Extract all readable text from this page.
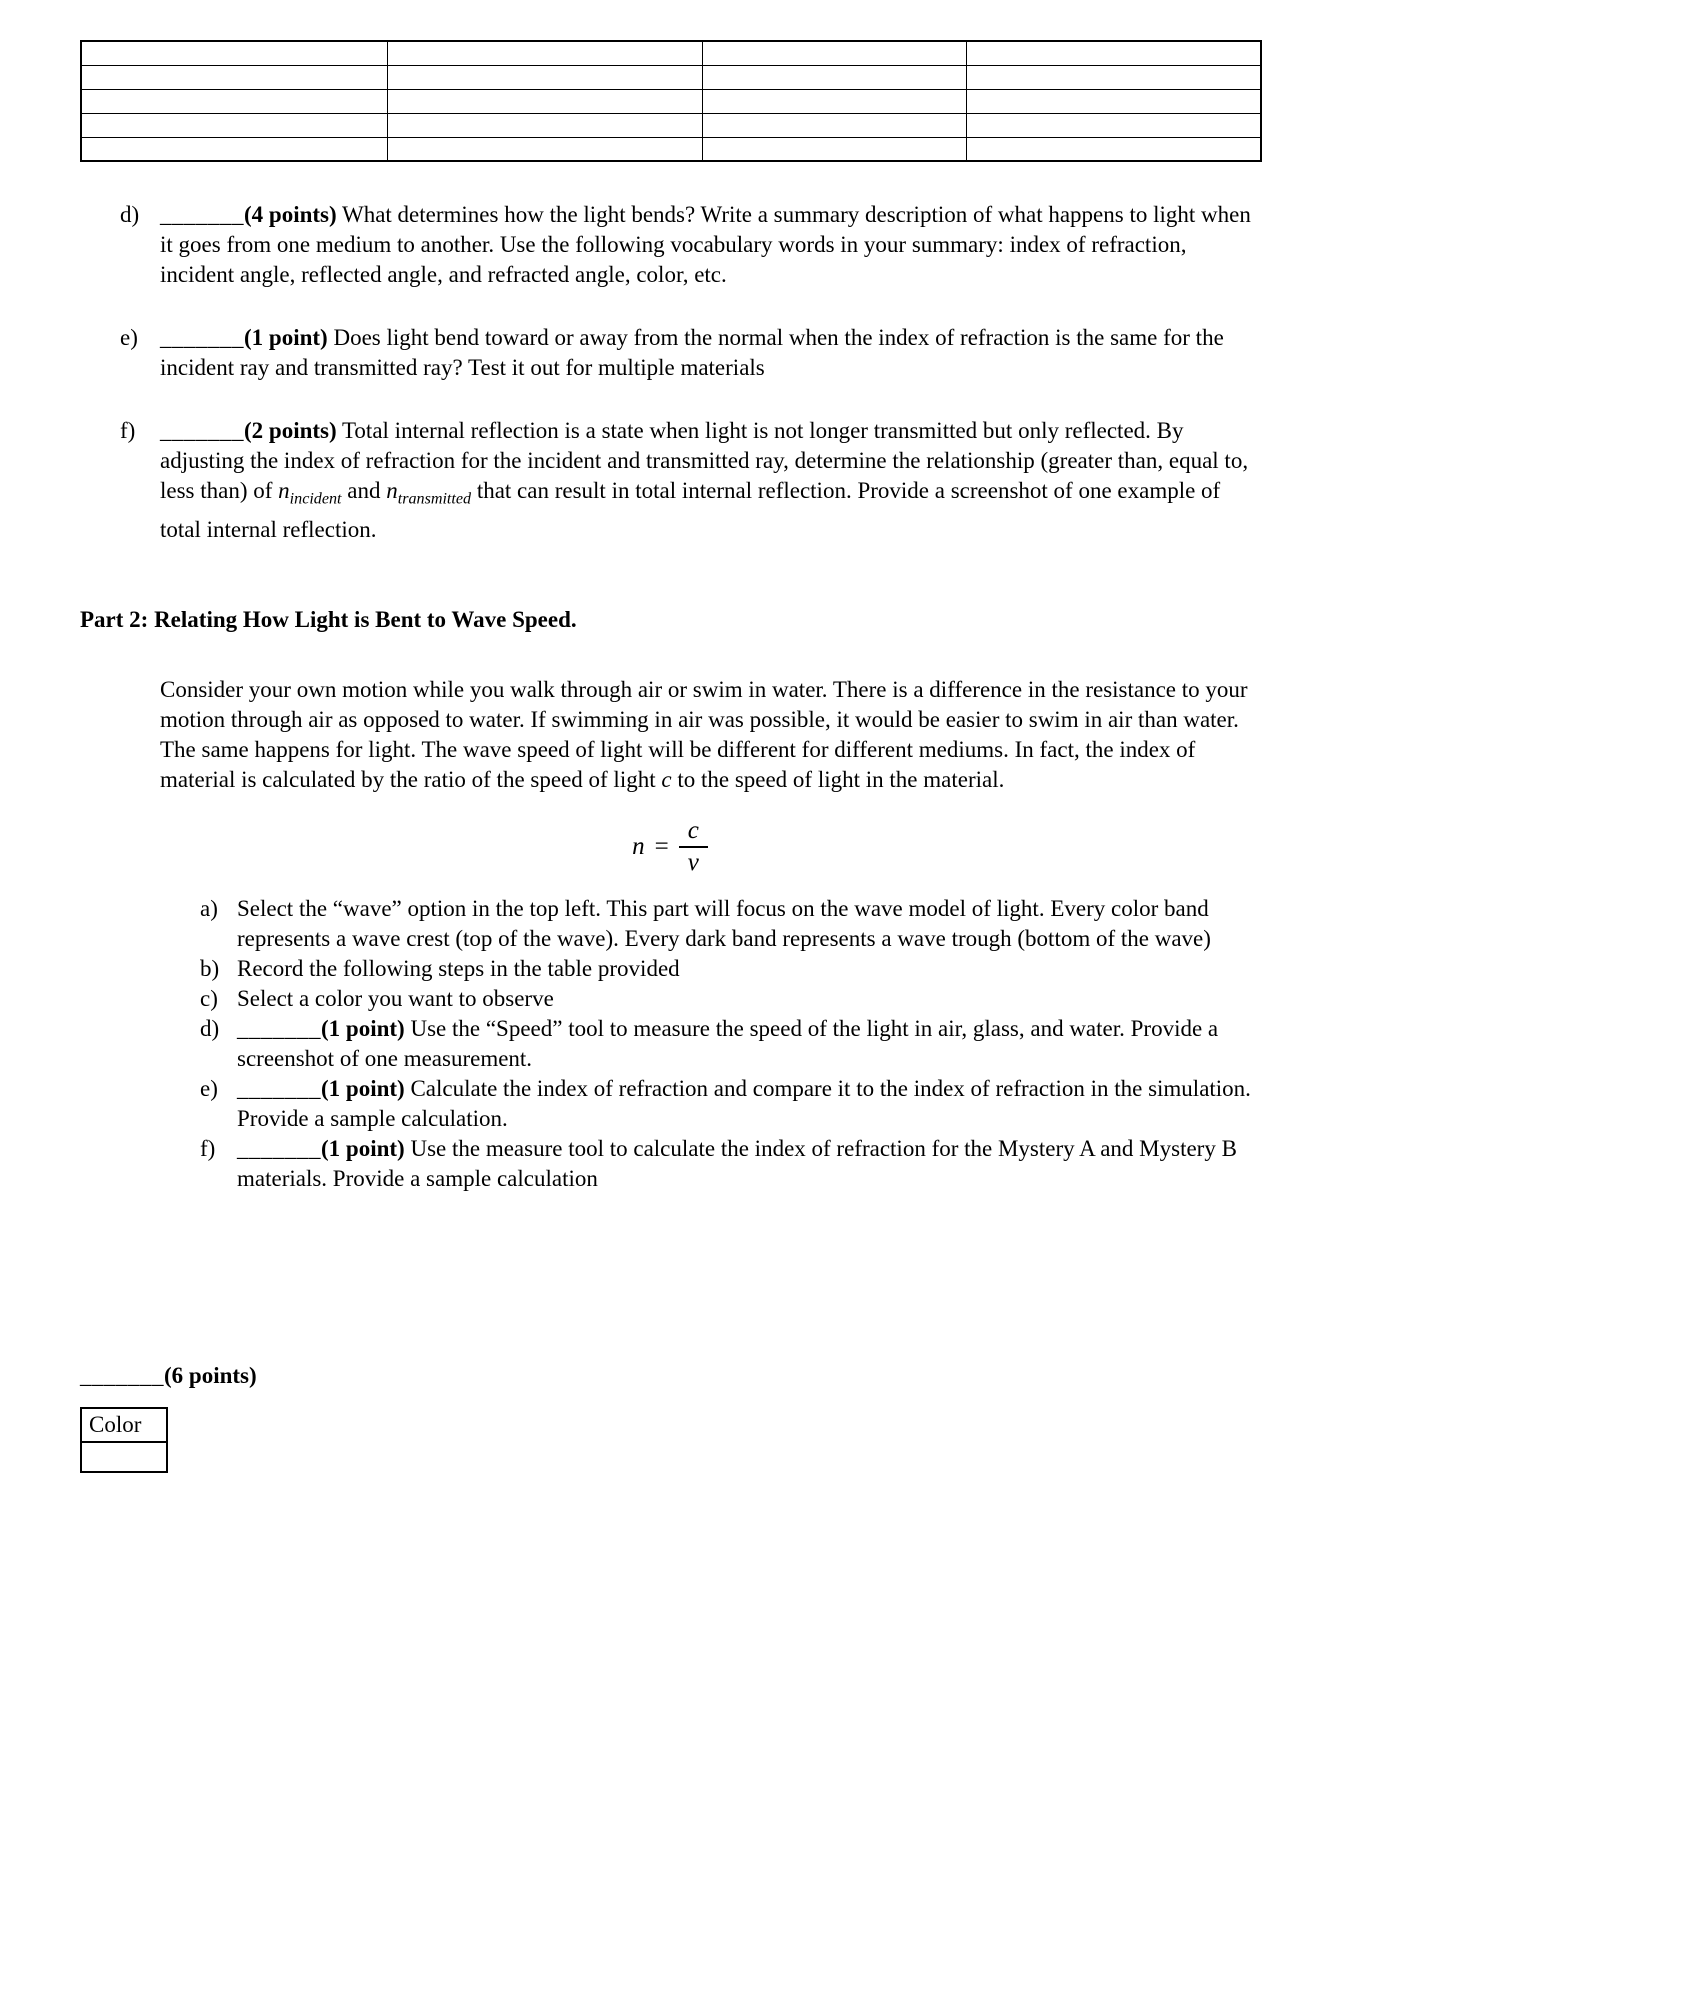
d) _______(4 points) What determines how the light bends? Write a summary description of what happens to light when it goes from one medium to another. Use the following vocabulary words in your summary: index of refraction, incident angle, reflected angle, and refracted angle, color, etc.
e) _______(1 point) Does light bend toward or away from the normal when the index of refraction is the same for the incident ray and transmitted ray? Test it out for multiple materials
f)	_______(2 points) Total internal reflection is a state when light is not longer transmitted but only reflected. By adjusting the index of refraction for the incident and transmitted ray, determine the relationship (greater than, equal to, less than) of $n_{incident}$ and $n_{transmitted}$ that can result in total internal reflection. Provide a screenshot of one example of total internal reflection.
Part 2: Relating How Light is Bent to Wave Speed.

Consider your own motion while you walk through air or swim in water. There is a difference in the resistance to your motion through air as opposed to water. If swimming in air was possible, it would be easier to swim in air than water. The same happens for light. The wave speed of light will be different for different mediums. In fact, the index of material is calculated by the ratio of the speed of light c to the speed of light in the material.

$n = \frac{c}{v}$
a) Select the “wave” option in the top left. This part will focus on the wave model of light. Every color band represents a wave crest (top of the wave). Every dark band represents a wave trough (bottom of the wave)
b) Record the following steps in the table provided
c) Select a color you want to observe
d) _______(1 point) Use the “Speed” tool to measure the speed of the light in air, glass, and water. Provide a screenshot of one measurement.
e) _______(1 point) Calculate the index of refraction and compare it to the index of refraction in the simulation. Provide a sample calculation.
f) _______(1 point) Use the measure tool to calculate the index of refraction for the Mystery A and Mystery B materials. Provide a sample calculation
_______(6 points)
Color
